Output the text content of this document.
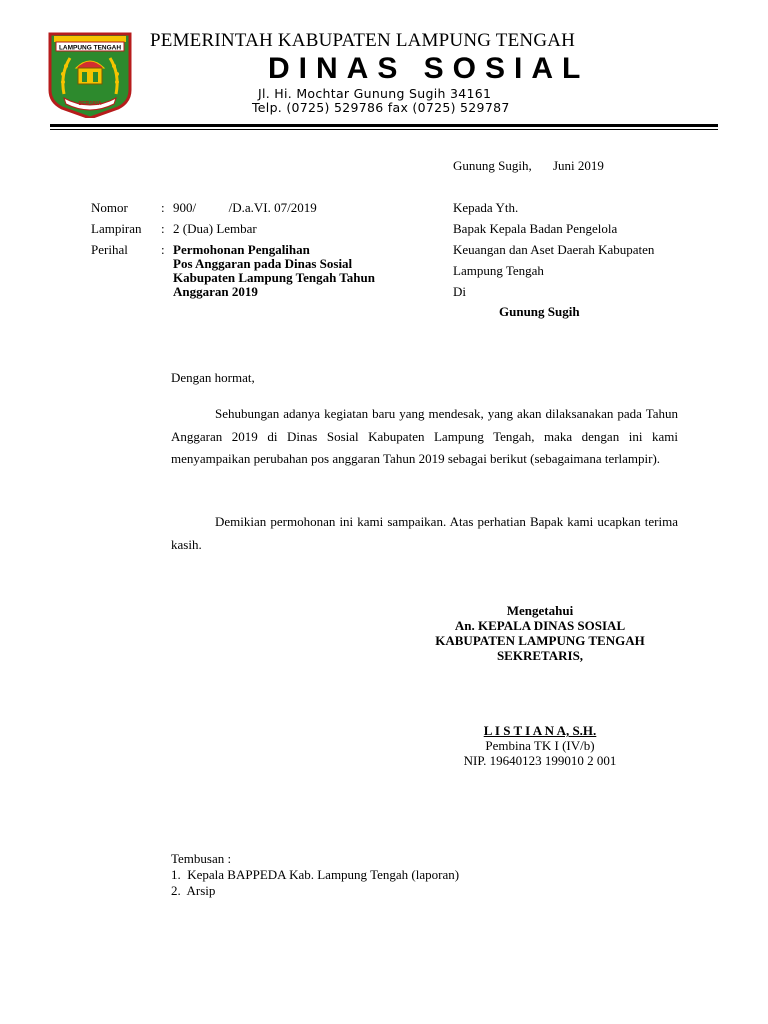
LAMPUNG TENGAH
BERJAYA
PEMERINTAH KABUPATEN LAMPUNG TENGAH
DINAS SOSIAL
Jl. Hi. Mochtar Gunung Sugih 34161
Telp. (0725) 529786 fax (0725) 529787
Gunung Sugih, Juni 2019
Nomor	: 900/          /D.a.VI. 07/2019
Lampiran : 2 (Dua) Lembar
Perihal	: Permohonan Pengalihan
Pos Anggaran pada Dinas Sosial
Kabupaten Lampung Tengah Tahun
Anggaran 2019
Kepada Yth.
Bapak Kepala Badan Pengelola
Keuangan dan Aset Daerah Kabupaten
Lampung Tengah
Di
Gunung Sugih
Dengan hormat,
Sehubungan adanya kegiatan baru yang mendesak, yang akan dilaksanakan pada Tahun Anggaran 2019 di Dinas Sosial Kabupaten Lampung Tengah, maka dengan ini kami menyampaikan perubahan pos anggaran Tahun 2019 sebagai berikut (sebagaimana terlampir).
Demikian permohonan ini kami sampaikan. Atas perhatian Bapak kami ucapkan terima kasih.
Mengetahui
An. KEPALA DINAS SOSIAL
KABUPATEN LAMPUNG TENGAH
SEKRETARIS,
L I S T I A N A, S.H.
Pembina TK I (IV/b)
NIP. 19640123 199010 2 001
Tembusan :
1.  Kepala BAPPEDA Kab. Lampung Tengah (laporan)
2.  Arsip
